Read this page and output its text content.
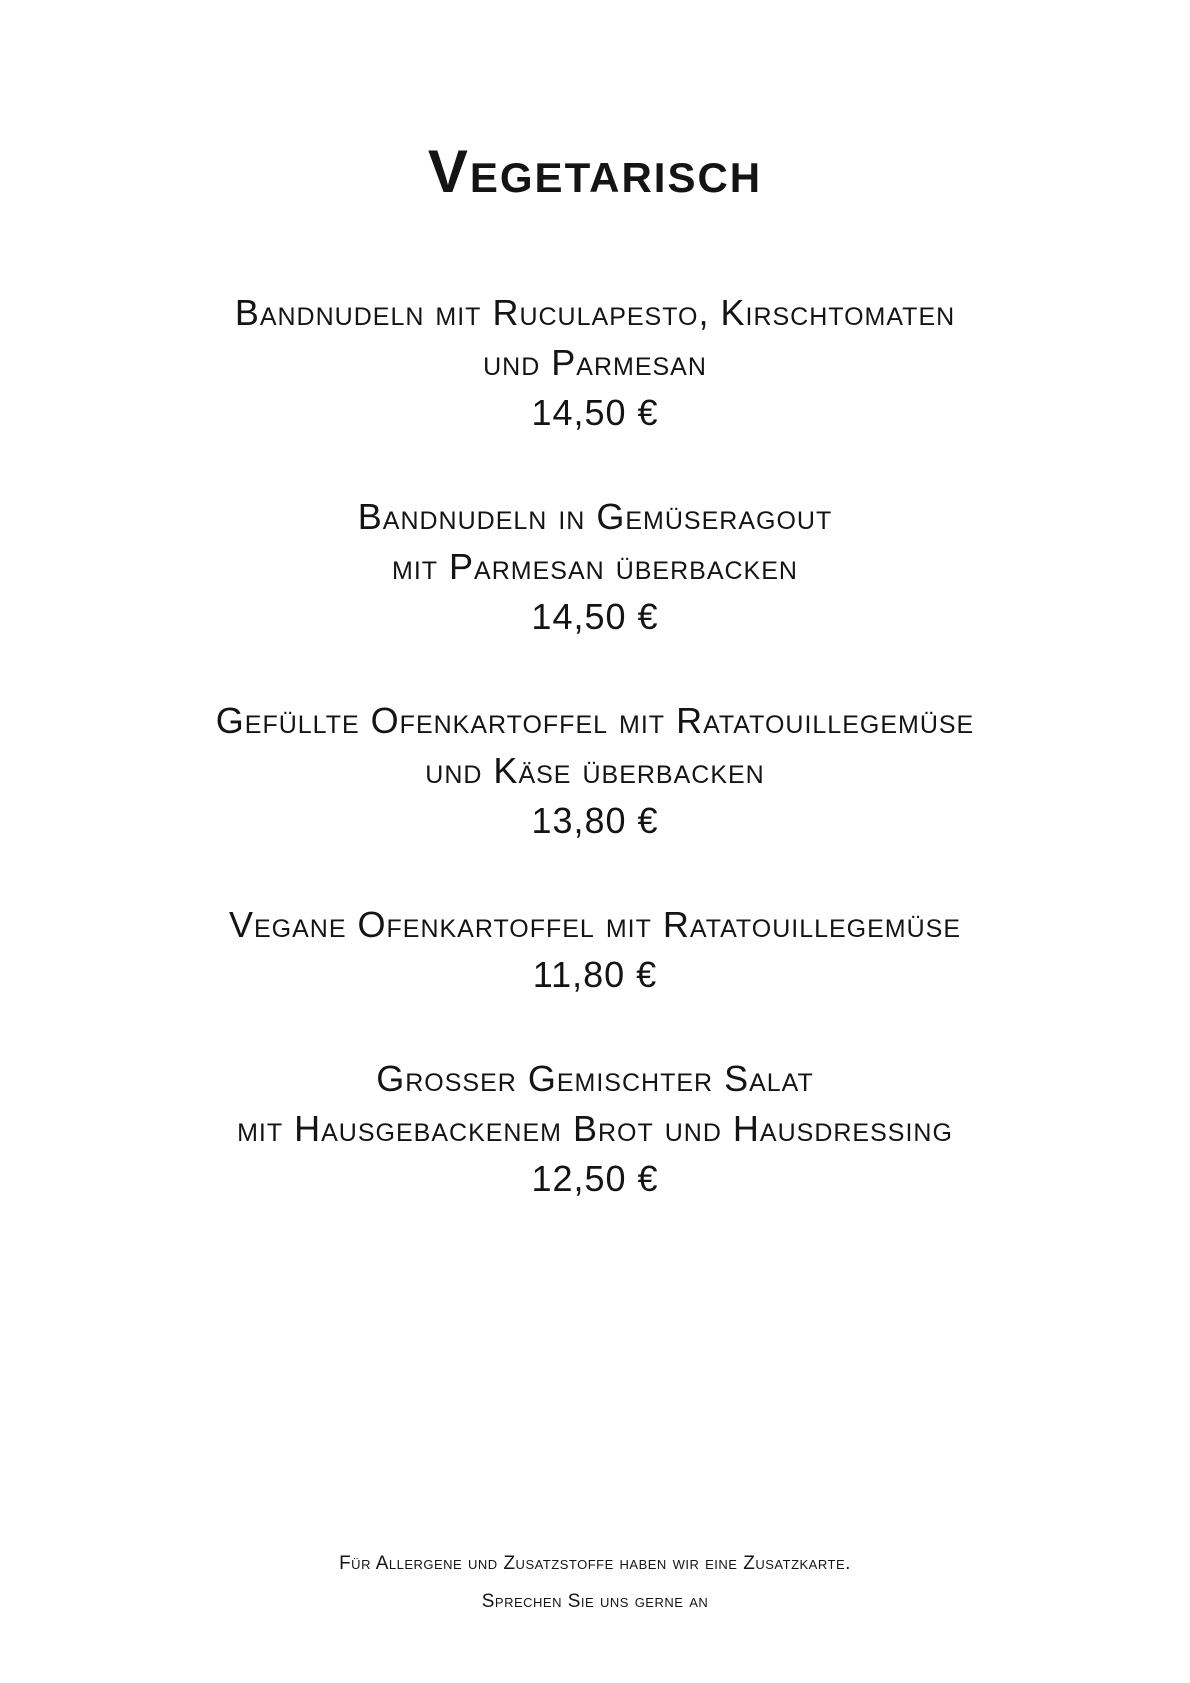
Vegetarisch
Bandnudeln mit Ruculapesto, Kirschtomaten
und Parmesan
14,50 €
Bandnudeln in Gemüseragout
mit Parmesan überbacken
14,50 €
Gefüllte Ofenkartoffel mit Ratatouillegemüse
und Käse überbacken
13,80 €
Vegane Ofenkartoffel mit Ratatouillegemüse
11,80 €
Grosser Gemischter Salat
mit Hausgebackenem Brot und Hausdressing
12,50 €
Für Allergene und Zusatzstoffe haben wir eine Zusatzkarte.
Sprechen Sie uns gerne an
